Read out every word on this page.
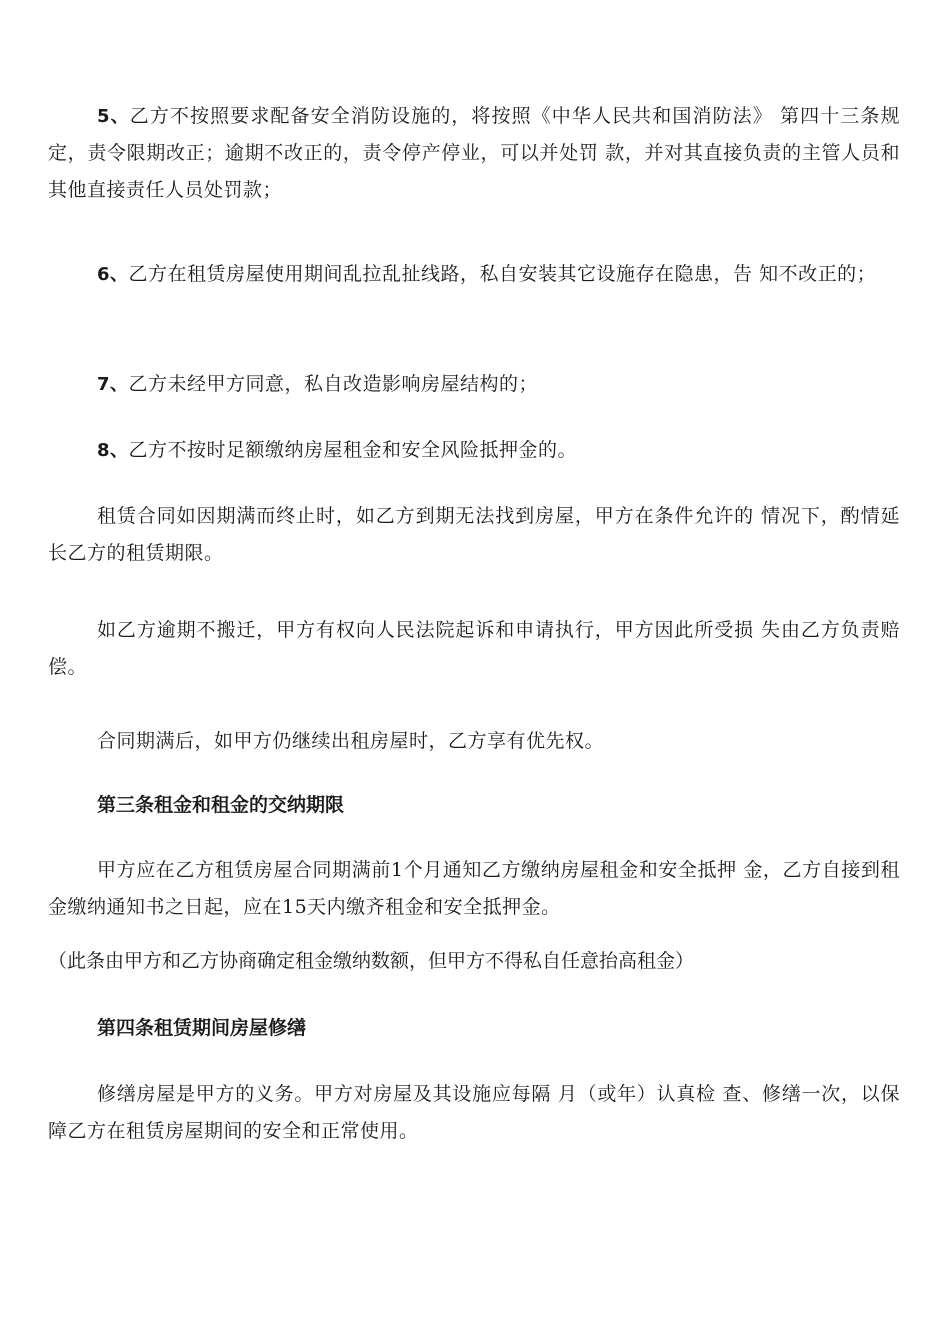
5、乙方不按照要求配备安全消防设施的，将按照《中华人民共和国消防法》 第四十三条规定，责令限期改正；逾期不改正的，责令停产停业，可以并处罚 款，并对其直接负责的主管人员和其他直接责任人员处罚款；

6、乙方在租赁房屋使用期间乱拉乱扯线路，私自安装其它设施存在隐患，告 知不改正的；

7、乙方未经甲方同意，私自改造影响房屋结构的；

8、乙方不按时足额缴纳房屋租金和安全风险抵押金的。

租赁合同如因期满而终止时，如乙方到期无法找到房屋，甲方在条件允许的 情况下，酌情延长乙方的租赁期限。

如乙方逾期不搬迁，甲方有权向人民法院起诉和申请执行，甲方因此所受损 失由乙方负责赔偿。

合同期满后，如甲方仍继续出租房屋时，乙方享有优先权。

第三条租金和租金的交纳期限

甲方应在乙方租赁房屋合同期满前1个月通知乙方缴纳房屋租金和安全抵押 金，乙方自接到租金缴纳通知书之日起，应在15天内缴齐租金和安全抵押金。

（此条由甲方和乙方协商确定租金缴纳数额，但甲方不得私自任意抬高租金）

第四条租赁期间房屋修缮

修缮房屋是甲方的义务。甲方对房屋及其设施应每隔 月（或年）认真检 查、修缮一次，以保障乙方在租赁房屋期间的安全和正常使用。
